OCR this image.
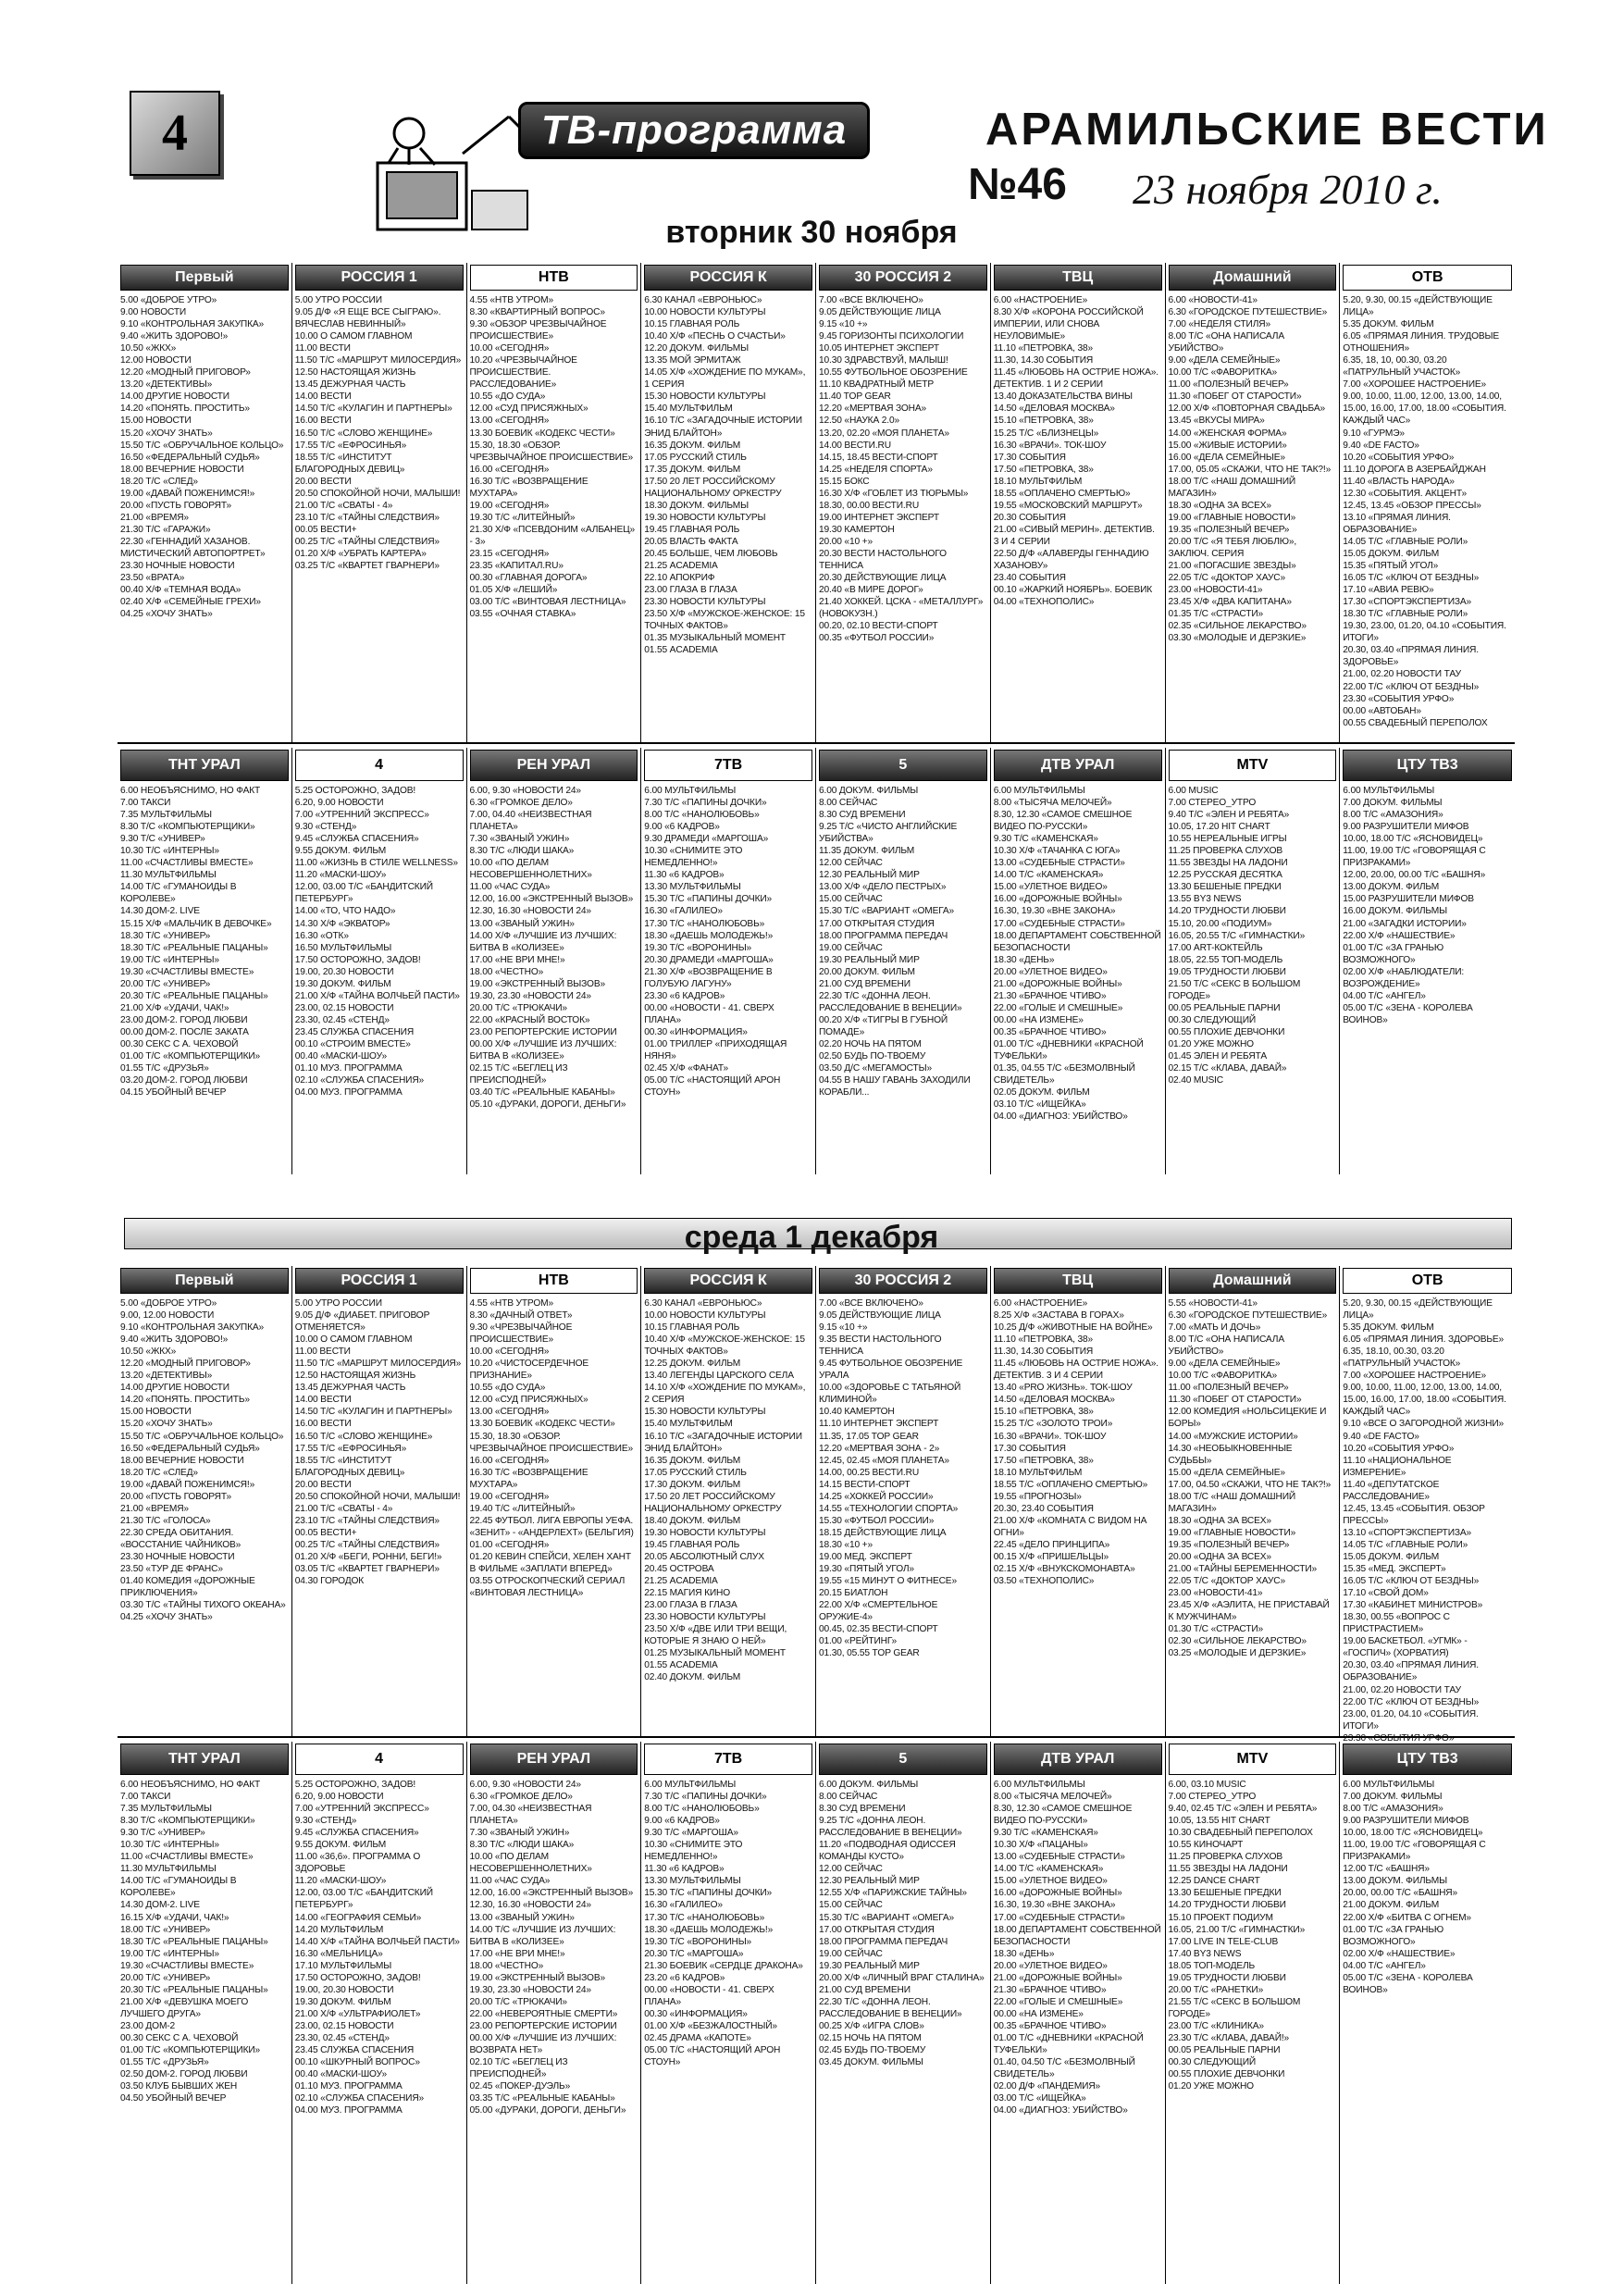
4	ТВ-программа	АРАМИЛЬСКИЕ ВЕСТИ
№46 23 ноября 2010 г.
вторник 30 ноября
Первый
5.00 «ДОБРОЕ УТРО»
9.00 НОВОСТИ
9.10 «КОНТРОЛЬНАЯ ЗАКУПКА»
9.40 «ЖИТЬ ЗДОРОВО!»
10.50 «ЖКХ»
12.00 НОВОСТИ
12.20 «МОДНЫЙ ПРИГОВОР»
13.20 «ДЕТЕКТИВЫ»
14.00 ДРУГИЕ НОВОСТИ
14.20 «ПОНЯТЬ. ПРОСТИТЬ»
15.00 НОВОСТИ
15.20 «ХОЧУ ЗНАТЬ»
15.50 Т/С «ОБРУЧАЛЬНОЕ КОЛЬЦО»
16.50 «ФЕДЕРАЛЬНЫЙ СУДЬЯ»
18.00 ВЕЧЕРНИЕ НОВОСТИ
18.20 Т/С «СЛЕД»
19.00 «ДАВАЙ ПОЖЕНИМСЯ!»
20.00 «ПУСТЬ ГОВОРЯТ»
21.00 «ВРЕМЯ»
21.30 Т/С «ГАРАЖИ»
22.30 «ГЕННАДИЙ ХАЗАНОВ. МИСТИЧЕСКИЙ АВТОПОРТРЕТ»
23.30 НОЧНЫЕ НОВОСТИ
23.50 «ВРАТА»
00.40 Х/Ф «ТЕМНАЯ ВОДА»
02.40 Х/Ф «СЕМЕЙНЫЕ ГРЕХИ»
04.25 «ХОЧУ ЗНАТЬ»
РОССИЯ 1
5.00 УТРО РОССИИ
9.05 Д/Ф «Я ЕЩЕ ВСЕ СЫГРАЮ». ВЯЧЕСЛАВ НЕВИННЫЙ»
10.00 О САМОМ ГЛАВНОМ
11.00 ВЕСТИ
11.50 Т/С «МАРШРУТ МИЛОСЕРДИЯ»
12.50 НАСТОЯЩАЯ ЖИЗНЬ
13.45 ДЕЖУРНАЯ ЧАСТЬ
14.00 ВЕСТИ
14.50 Т/С «КУЛАГИН И ПАРТНЕРЫ»
16.00 ВЕСТИ
16.50 Т/С «СЛОВО ЖЕНЩИНЕ»
17.55 Т/С «ЕФРОСИНЬЯ»
18.55 Т/С «ИНСТИТУТ БЛАГОРОДНЫХ ДЕВИЦ»
20.00 ВЕСТИ
20.50 СПОКОЙНОЙ НОЧИ, МАЛЫШИ!
21.00 Т/С «СВАТЫ - 4»
23.10 Т/С «ТАЙНЫ СЛЕДСТВИЯ»
00.05 ВЕСТИ+
00.25 Т/С «ТАЙНЫ СЛЕДСТВИЯ»
01.20 Х/Ф «УБРАТЬ КАРТЕРА»
03.25 Т/С «КВАРТЕТ ГВАРНЕРИ»
НТВ
4.55 «НТВ УТРОМ»
8.30 «КВАРТИРНЫЙ ВОПРОС»
9.30 «ОБЗОР ЧРЕЗВЫЧАЙНОЕ ПРОИСШЕСТВИЕ»
10.00 «СЕГОДНЯ»
10.20 «ЧРЕЗВЫЧАЙНОЕ ПРОИСШЕСТВИЕ. РАССЛЕДОВАНИЕ»
10.55 «ДО СУДА»
12.00 «СУД ПРИСЯЖНЫХ»
13.00 «СЕГОДНЯ»
13.30 БОЕВИК «КОДЕКС ЧЕСТИ»
15.30, 18.30 «ОБЗОР. ЧРЕЗВЫЧАЙНОЕ ПРОИСШЕСТВИЕ»
16.00 «СЕГОДНЯ»
16.30 Т/С «ВОЗВРАЩЕНИЕ МУХТАРА»
19.00 «СЕГОДНЯ»
19.30 Т/С «ЛИТЕЙНЫЙ»
21.30 Х/Ф «ПСЕВДОНИМ «АЛБАНЕЦ» - 3»
23.15 «СЕГОДНЯ»
23.35 «КАПИТАЛ.RU»
00.30 «ГЛАВНАЯ ДОРОГА»
01.05 Х/Ф «ЛЕШИЙ»
03.00 Т/С «ВИНТОВАЯ ЛЕСТНИЦА»
03.55 «ОЧНАЯ СТАВКА»
РОССИЯ К
6.30 КАНАЛ «ЕВРОНЬЮС»
10.00 НОВОСТИ КУЛЬТУРЫ
10.15 ГЛАВНАЯ РОЛЬ
10.40 Х/Ф «ПЕСНЬ О СЧАСТЬИ»
12.20 ДОКУМ. ФИЛЬМЫ
13.35 МОЙ ЭРМИТАЖ
14.05 Х/Ф «ХОЖДЕНИЕ ПО МУКАМ», 1 СЕРИЯ
15.30 НОВОСТИ КУЛЬТУРЫ
15.40 МУЛЬТФИЛЬМ
16.10 Т/С «ЗАГАДОЧНЫЕ ИСТОРИИ ЭНИД БЛАЙТОН»
16.35 ДОКУМ. ФИЛЬМ
17.05 РУССКИЙ СТИЛЬ
17.35 ДОКУМ. ФИЛЬМ
17.50 20 ЛЕТ РОССИЙСКОМУ НАЦИОНАЛЬНОМУ ОРКЕСТРУ
18.30 ДОКУМ. ФИЛЬМЫ
19.30 НОВОСТИ КУЛЬТУРЫ
19.45 ГЛАВНАЯ РОЛЬ
20.05 ВЛАСТЬ ФАКТА
20.45 БОЛЬШЕ, ЧЕМ ЛЮБОВЬ
21.25 ACADEMIA
22.10 АПОКРИФ
23.00 ГЛАЗА В ГЛАЗА
23.30 НОВОСТИ КУЛЬТУРЫ
23.50 Х/Ф «МУЖСКОЕ-ЖЕНСКОЕ: 15 ТОЧНЫХ ФАКТОВ»
01.35 МУЗЫКАЛЬНЫЙ МОМЕНТ
01.55 ACADEMIA
30 РОССИЯ 2
7.00 «ВСЕ ВКЛЮЧЕНО»
9.05 ДЕЙСТВУЮЩИЕ ЛИЦА
9.15 «10 +»
9.45 ГОРИЗОНТЫ ПСИХОЛОГИИ
10.05 ИНТЕРНЕТ ЭКСПЕРТ
10.30 ЗДРАВСТВУЙ, МАЛЫШ!
10.55 ФУТБОЛЬНОЕ ОБОЗРЕНИЕ
11.10 КВАДРАТНЫЙ МЕТР
11.40 TOP GEAR
12.20 «МЕРТВАЯ ЗОНА»
12.50 «НАУКА 2.0»
13.20, 02.20 «МОЯ ПЛАНЕТА»
14.00 ВЕСТИ.RU
14.15, 18.45 ВЕСТИ-СПОРТ
14.25 «НЕДЕЛЯ СПОРТА»
15.15 БОКС
16.30 Х/Ф «ГОБЛЕТ ИЗ ТЮРЬМЫ»
18.30, 00.00 ВЕСТИ.RU
19.00 ИНТЕРНЕТ ЭКСПЕРТ
19.30 КАМЕРТОН
20.00 «10 +»
20.30 ВЕСТИ НАСТОЛЬНОГО ТЕННИСА
20.30 ДЕЙСТВУЮЩИЕ ЛИЦА
20.40 «В МИРЕ ДОРОГ»
21.40 ХОККЕЙ. ЦСКА - «МЕТАЛЛУРГ» (НОВОКУЗН.)
00.20, 02.10 ВЕСТИ-СПОРТ
00.35 «ФУТБОЛ РОССИИ»
ТВЦ
6.00 «НАСТРОЕНИЕ»
8.30 Х/Ф «КОРОНА РОССИЙСКОЙ ИМПЕРИИ, ИЛИ СНОВА НЕУЛОВИМЫЕ»
11.10 «ПЕТРОВКА, 38»
11.30, 14.30 СОБЫТИЯ
11.45 «ЛЮБОВЬ НА ОСТРИЕ НОЖА». ДЕТЕКТИВ. 1 И 2 СЕРИИ
13.40 ДОКАЗАТЕЛЬСТВА ВИНЫ
14.50 «ДЕЛОВАЯ МОСКВА»
15.10 «ПЕТРОВКА, 38»
15.25 Т/С «БЛИЗНЕЦЫ»
16.30 «ВРАЧИ». ТОК-ШОУ
17.30 СОБЫТИЯ
17.50 «ПЕТРОВКА, 38»
18.10 МУЛЬТФИЛЬМ
18.55 «ОПЛАЧЕНО СМЕРТЬЮ»
19.55 «МОСКОВСКИЙ МАРШРУТ»
20.30 СОБЫТИЯ
21.00 «СИВЫЙ МЕРИН». ДЕТЕКТИВ. 3 И 4 СЕРИИ
22.50 Д/Ф «АЛАВЕРДЫ ГЕННАДИЮ ХАЗАНОВУ»
23.40 СОБЫТИЯ
00.10 «ЖАРКИЙ НОЯБРЬ». БОЕВИК
04.00 «ТЕХНОПОЛИС»
Домашний
6.00 «НОВОСТИ-41»
6.30 «ГОРОДСКОЕ ПУТЕШЕСТВИЕ»
7.00 «НЕДЕЛЯ СТИЛЯ»
8.00 Т/С «ОНА НАПИСАЛА УБИЙСТВО»
9.00 «ДЕЛА СЕМЕЙНЫЕ»
10.00 Т/С «ФАВОРИТКА»
11.00 «ПОЛЕЗНЫЙ ВЕЧЕР»
11.30 «ПОБЕГ ОТ СТАРОСТИ»
12.00 Х/Ф «ПОВТОРНАЯ СВАДЬБА»
13.45 «ВКУСЫ МИРА»
14.00 «ЖЕНСКАЯ ФОРМА»
15.00 «ЖИВЫЕ ИСТОРИИ»
16.00 «ДЕЛА СЕМЕЙНЫЕ»
17.00, 05.05 «СКАЖИ, ЧТО НЕ ТАК?!»
18.00 Т/С «НАШ ДОМАШНИЙ МАГАЗИН»
18.30 «ОДНА ЗА ВСЕХ»
19.00 «ГЛАВНЫЕ НОВОСТИ»
19.35 «ПОЛЕЗНЫЙ ВЕЧЕР»
20.00 Т/С «Я ТЕБЯ ЛЮБЛЮ», ЗАКЛЮЧ. СЕРИЯ
21.00 «ПОГАСШИЕ ЗВЕЗДЫ»
22.05 Т/С «ДОКТОР ХАУС»
23.00 «НОВОСТИ-41»
23.45 Х/Ф «ДВА КАПИТАНА»
01.35 Т/С «СТРАСТИ»
02.35 «СИЛЬНОЕ ЛЕКАРСТВО»
03.30 «МОЛОДЫЕ И ДЕРЗКИЕ»
ОТВ
5.20, 9.30, 00.15 «ДЕЙСТВУЮЩИЕ ЛИЦА»
5.35 ДОКУМ. ФИЛЬМ
6.05 «ПРЯМАЯ ЛИНИЯ. ТРУДОВЫЕ ОТНОШЕНИЯ»
6.35, 18, 10, 00.30, 03.20 «ПАТРУЛЬНЫЙ УЧАСТОК»
7.00 «ХОРОШЕЕ НАСТРОЕНИЕ»
9.00, 10.00, 11.00, 12.00, 13.00, 14.00, 15.00, 16.00, 17.00, 18.00 «СОБЫТИЯ. КАЖДЫЙ ЧАС»
9.10 «ГУРМЭ»
9.40 «DE FACTO»
10.20 «СОБЫТИЯ УРФО»
11.10 ДОРОГА В АЗЕРБАЙДЖАН
11.40 «ВЛАСТЬ НАРОДА»
12.30 «СОБЫТИЯ. АКЦЕНТ»
12.45, 13.45 «ОБЗОР ПРЕССЫ»
13.10 «ПРЯМАЯ ЛИНИЯ. ОБРАЗОВАНИЕ»
14.05 Т/С «ГЛАВНЫЕ РОЛИ»
15.05 ДОКУМ. ФИЛЬМ
15.35 «ПЯТЫЙ УГОЛ»
16.05 Т/С «КЛЮЧ ОТ БЕЗДНЫ»
17.10 «АВИА РЕВЮ»
17.30 «СПОРТЭКСПЕРТИЗА»
18.30 Т/С «ГЛАВНЫЕ РОЛИ»
19.30, 23.00, 01.20, 04.10 «СОБЫТИЯ. ИТОГИ»
20.30, 03.40 «ПРЯМАЯ ЛИНИЯ. ЗДОРОВЬЕ»
21.00, 02.20 НОВОСТИ ТАУ
22.00 Т/С «КЛЮЧ ОТ БЕЗДНЫ»
23.30 «СОБЫТИЯ УРФО»
00.00 «АВТОБАН»
00.55 СВАДЕБНЫЙ ПЕРЕПОЛОХ
ТНТ УРАЛ
6.00 НЕОБЪЯСНИМО, НО ФАКТ
7.00 ТАКСИ
7.35 МУЛЬТФИЛЬМЫ
8.30 Т/С «КОМПЬЮТЕРЩИКИ»
9.30 Т/С «УНИВЕР»
10.30 Т/С «ИНТЕРНЫ»
11.00 «СЧАСТЛИВЫ ВМЕСТЕ»
11.30 МУЛЬТФИЛЬМЫ
14.00 Т/С «ГУМАНОИДЫ В КОРОЛЕВЕ»
14.30 ДОМ-2. LIVE
15.15 Х/Ф «МАЛЬЧИК В ДЕВОЧКЕ»
18.30 Т/С «УНИВЕР»
18.30 Т/С «РЕАЛЬНЫЕ ПАЦАНЫ»
19.00 Т/С «ИНТЕРНЫ»
19.30 «СЧАСТЛИВЫ ВМЕСТЕ»
20.00 Т/С «УНИВЕР»
20.30 Т/С «РЕАЛЬНЫЕ ПАЦАНЫ»
21.00 Х/Ф «УДАЧИ, ЧАК!»
23.00 ДОМ-2. ГОРОД ЛЮБВИ
00.00 ДОМ-2. ПОСЛЕ ЗАКАТА
00.30 СЕКС С А. ЧЕХОВОЙ
01.00 Т/С «КОМПЬЮТЕРЩИКИ»
01.55 Т/С «ДРУЗЬЯ»
03.20 ДОМ-2. ГОРОД ЛЮБВИ
04.15 УБОЙНЫЙ ВЕЧЕР
4
5.25 ОСТОРОЖНО, ЗАДОВ!
6.20, 9.00 НОВОСТИ
7.00 «УТРЕННИЙ ЭКСПРЕСС»
9.30 «СТЕНД»
9.45 «СЛУЖБА СПАСЕНИЯ»
9.55 ДОКУМ. ФИЛЬМ
11.00 «ЖИЗНЬ В СТИЛЕ WELLNESS»
11.20 «МАСКИ-ШОУ»
12.00, 03.00 Т/С «БАНДИТСКИЙ ПЕТЕРБУРГ»
14.00 «ТО, ЧТО НАДО»
14.30 Х/Ф «ЭКВАТОР»
16.30 «ОТК»
16.50 МУЛЬТФИЛЬМЫ
17.50 ОСТОРОЖНО, ЗАДОВ!
19.00, 20.30 НОВОСТИ
19.30 ДОКУМ. ФИЛЬМ
21.00 Х/Ф «ТАЙНА ВОЛЧЬЕЙ ПАСТИ»
23.00, 02.15 НОВОСТИ
23.30, 02.45 «СТЕНД»
23.45 СЛУЖБА СПАСЕНИЯ
00.10 «СТРОИМ ВМЕСТЕ»
00.40 «МАСКИ-ШОУ»
01.10 МУЗ. ПРОГРАММА
02.10 «СЛУЖБА СПАСЕНИЯ»
04.00 МУЗ. ПРОГРАММА
РЕН УРАЛ
6.00, 9.30 «НОВОСТИ 24»
6.30 «ГРОМКОЕ ДЕЛО»
7.00, 04.40 «НЕИЗВЕСТНАЯ ПЛАНЕТА»
7.30 «ЗВАНЫЙ УЖИН»
8.30 Т/С «ЛЮДИ ШАКА»
10.00 «ПО ДЕЛАМ НЕСОВЕРШЕННОЛЕТНИХ»
11.00 «ЧАС СУДА»
12.00, 16.00 «ЭКСТРЕННЫЙ ВЫЗОВ»
12.30, 16.30 «НОВОСТИ 24»
13.00 «ЗВАНЫЙ УЖИН»
14.00 Х/Ф «ЛУЧШИЕ ИЗ ЛУЧШИХ: БИТВА В «КОЛИЗЕЕ»
17.00 «НЕ ВРИ МНЕ!»
18.00 «ЧЕСТНО»
19.00 «ЭКСТРЕННЫЙ ВЫЗОВ»
19.30, 23.30 «НОВОСТИ 24»
20.00 Т/С «ТРЮКАЧИ»
22.00 «КРАСНЫЙ ВОСТОК»
23.00 РЕПОРТЕРСКИЕ ИСТОРИИ
00.00 Х/Ф «ЛУЧШИЕ ИЗ ЛУЧШИХ: БИТВА В «КОЛИЗЕЕ»
02.15 Т/С «БЕГЛЕЦ ИЗ ПРЕИСПОДНЕЙ»
03.40 Т/С «РЕАЛЬНЫЕ КАБАНЫ»
05.10 «ДУРАКИ, ДОРОГИ, ДЕНЬГИ»
7ТВ
6.00 МУЛЬТФИЛЬМЫ
7.30 Т/С «ПАПИНЫ ДОЧКИ»
8.00 Т/С «НАНОЛЮБОВЬ»
9.00 «6 КАДРОВ»
9.30 ДРАМЕДИ «МАРГОША»
10.30 «СНИМИТЕ ЭТО НЕМЕДЛЕННО!»
11.30 «6 КАДРОВ»
13.30 МУЛЬТФИЛЬМЫ
15.30 Т/С «ПАПИНЫ ДОЧКИ»
16.30 «ГАЛИЛЕО»
17.30 Т/С «НАНОЛЮБОВЬ»
18.30 «ДАЕШЬ МОЛОДЕЖЬ!»
19.30 Т/С «ВОРОНИНЫ»
20.30 ДРАМЕДИ «МАРГОША»
21.30 Х/Ф «ВОЗВРАЩЕНИЕ В ГОЛУБУЮ ЛАГУНУ»
23.30 «6 КАДРОВ»
00.00 «НОВОСТИ - 41. СВЕРХ ПЛАНА»
00.30 «ИНФОРМАЦИЯ»
01.00 ТРИЛЛЕР «ПРИХОДЯЩАЯ НЯНЯ»
02.45 Х/Ф «ФАНАТ»
05.00 Т/С «НАСТОЯЩИЙ АРОН СТОУН»
5
6.00 ДОКУМ. ФИЛЬМЫ
8.00 СЕЙЧАС
8.30 СУД ВРЕМЕНИ
9.25 Т/С «ЧИСТО АНГЛИЙСКИЕ УБИЙСТВА»
11.35 ДОКУМ. ФИЛЬМ
12.00 СЕЙЧАС
12.30 РЕАЛЬНЫЙ МИР
13.00 Х/Ф «ДЕЛО ПЕСТРЫХ»
15.00 СЕЙЧАС
15.30 Т/С «ВАРИАНТ «ОМЕГА»
17.00 ОТКРЫТАЯ СТУДИЯ
18.00 ПРОГРАММА ПЕРЕДАЧ
19.00 СЕЙЧАС
19.30 РЕАЛЬНЫЙ МИР
20.00 ДОКУМ. ФИЛЬМ
21.00 СУД ВРЕМЕНИ
22.30 Т/С «ДОННА ЛЕОН. РАССЛЕДОВАНИЕ В ВЕНЕЦИИ»
00.20 Х/Ф «ТИГРЫ В ГУБНОЙ ПОМАДЕ»
02.20 НОЧЬ НА ПЯТОМ
02.50 БУДЬ ПО-ТВОЕМУ
03.50 Д/С «МЕГАМОСТЫ»
04.55 В НАШУ ГАВАНЬ ЗАХОДИЛИ КОРАБЛИ...
ДТВ УРАЛ
6.00 МУЛЬТФИЛЬМЫ
8.00 «ТЫСЯЧА МЕЛОЧЕЙ»
8.30, 12.30 «САМОЕ СМЕШНОЕ ВИДЕО ПО-РУССКИ»
9.30 Т/С «КАМЕНСКАЯ»
10.30 Х/Ф «ТАЧАНКА С ЮГА»
13.00 «СУДЕБНЫЕ СТРАСТИ»
14.00 Т/С «КАМЕНСКАЯ»
15.00 «УЛЕТНОЕ ВИДЕО»
16.00 «ДОРОЖНЫЕ ВОЙНЫ»
16.30, 19.30 «ВНЕ ЗАКОНА»
17.00 «СУДЕБНЫЕ СТРАСТИ»
18.00 ДЕПАРТАМЕНТ СОБСТВЕННОЙ БЕЗОПАСНОСТИ
18.30 «ДЕНЬ»
20.00 «УЛЕТНОЕ ВИДЕО»
21.00 «ДОРОЖНЫЕ ВОЙНЫ»
21.30 «БРАЧНОЕ ЧТИВО»
22.00 «ГОЛЫЕ И СМЕШНЫЕ»
00.00 «НА ИЗМЕНЕ»
00.35 «БРАЧНОЕ ЧТИВО»
01.00 Т/С «ДНЕВНИКИ «КРАСНОЙ ТУФЕЛЬКИ»
01.35, 04.55 Т/С «БЕЗМОЛВНЫЙ СВИДЕТЕЛЬ»
02.05 ДОКУМ. ФИЛЬМ
03.10 Т/С «ИЩЕЙКА»
04.00 «ДИАГНОЗ: УБИЙСТВО»
MTV
6.00 MUSIC
7.00 СТЕРЕО_УТРО
9.40 Т/С «ЭЛЕН И РЕБЯТА»
10.05, 17.20 HIT CHART
10.55 НЕРЕАЛЬНЫЕ ИГРЫ
11.25 ПРОВЕРКА СЛУХОВ
11.55 ЗВЕЗДЫ НА ЛАДОНИ
12.25 РУССКАЯ ДЕСЯТКА
13.30 БЕШЕНЫЕ ПРЕДКИ
13.55 BY3 NEWS
14.20 ТРУДНОСТИ ЛЮБВИ
15.10, 20.00 «ПОДИУМ»
16.05, 20.55 Т/С «ГИМНАСТКИ»
17.00 ART-КОКТЕЙЛЬ
18.05, 22.55 ТОП-МОДЕЛЬ
19.05 ТРУДНОСТИ ЛЮБВИ
21.50 Т/С «СЕКС В БОЛЬШОМ ГОРОДЕ»
00.05 РЕАЛЬНЫЕ ПАРНИ
00.30 СЛЕДУЮЩИЙ
00.55 ПЛОХИЕ ДЕВЧОНКИ
01.20 УЖЕ МОЖНО
01.45 ЭЛЕН И РЕБЯТА
02.15 Т/С «КЛАВА, ДАВАЙ»
02.40 MUSIC
ЦТУ ТВ3
6.00 МУЛЬТФИЛЬМЫ
7.00 ДОКУМ. ФИЛЬМЫ
8.00 Т/С «АМАЗОНИЯ»
9.00 РАЗРУШИТЕЛИ МИФОВ
10.00, 18.00 Т/С «ЯСНОВИДЕЦ»
11.00, 19.00 Т/С «ГОВОРЯЩАЯ С ПРИЗРАКАМИ»
12.00, 20.00, 00.00 Т/С «БАШНЯ»
13.00 ДОКУМ. ФИЛЬМ
15.00 РАЗРУШИТЕЛИ МИФОВ
16.00 ДОКУМ. ФИЛЬМЫ
21.00 «ЗАГАДКИ ИСТОРИИ»
22.00 Х/Ф «НАШЕСТВИЕ»
01.00 Т/С «ЗА ГРАНЬЮ ВОЗМОЖНОГО»
02.00 Х/Ф «НАБЛЮДАТЕЛИ: ВОЗРОЖДЕНИЕ»
04.00 Т/С «АНГЕЛ»
05.00 Т/С «ЗЕНА - КОРОЛЕВА ВОИНОВ»
среда 1 декабря
Первый
5.00 «ДОБРОЕ УТРО»
9.00, 12.00 НОВОСТИ
9.10 «КОНТРОЛЬНАЯ ЗАКУПКА»
9.40 «ЖИТЬ ЗДОРОВО!»
10.50 «ЖКХ»
12.20 «МОДНЫЙ ПРИГОВОР»
13.20 «ДЕТЕКТИВЫ»
14.00 ДРУГИЕ НОВОСТИ
14.20 «ПОНЯТЬ. ПРОСТИТЬ»
15.00 НОВОСТИ
15.20 «ХОЧУ ЗНАТЬ»
15.50 Т/С «ОБРУЧАЛЬНОЕ КОЛЬЦО»
16.50 «ФЕДЕРАЛЬНЫЙ СУДЬЯ»
18.00 ВЕЧЕРНИЕ НОВОСТИ
18.20 Т/С «СЛЕД»
19.00 «ДАВАЙ ПОЖЕНИМСЯ!»
20.00 «ПУСТЬ ГОВОРЯТ»
21.00 «ВРЕМЯ»
21.30 Т/С «ГОЛОСА»
22.30 СРЕДА ОБИТАНИЯ. «ВОССТАНИЕ ЧАЙНИКОВ»
23.30 НОЧНЫЕ НОВОСТИ
23.50 «ТУР ДЕ ФРАНС»
01.40 КОМЕДИЯ «ДОРОЖНЫЕ ПРИКЛЮЧЕНИЯ»
03.30 Т/С «ТАЙНЫ ТИХОГО ОКЕАНА»
04.25 «ХОЧУ ЗНАТЬ»
РОССИЯ 1
5.00 УТРО РОССИИ
9.05 Д/Ф «ДИАБЕТ. ПРИГОВОР ОТМЕНЯЕТСЯ»
10.00 О САМОМ ГЛАВНОМ
11.00 ВЕСТИ
11.50 Т/С «МАРШРУТ МИЛОСЕРДИЯ»
12.50 НАСТОЯЩАЯ ЖИЗНЬ
13.45 ДЕЖУРНАЯ ЧАСТЬ
14.00 ВЕСТИ
14.50 Т/С «КУЛАГИН И ПАРТНЕРЫ»
16.00 ВЕСТИ
16.50 Т/С «СЛОВО ЖЕНЩИНЕ»
17.55 Т/С «ЕФРОСИНЬЯ»
18.55 Т/С «ИНСТИТУТ БЛАГОРОДНЫХ ДЕВИЦ»
20.00 ВЕСТИ
20.50 СПОКОЙНОЙ НОЧИ, МАЛЫШИ!
21.00 Т/С «СВАТЫ - 4»
23.10 Т/С «ТАЙНЫ СЛЕДСТВИЯ»
00.05 ВЕСТИ+
00.25 Т/С «ТАЙНЫ СЛЕДСТВИЯ»
01.20 Х/Ф «БЕГИ, РОННИ, БЕГИ!»
03.05 Т/С «КВАРТЕТ ГВАРНЕРИ»
04.30 ГОРОДОК
НТВ
4.55 «НТВ УТРОМ»
8.30 «ДАЧНЫЙ ОТВЕТ»
9.30 «ЧРЕЗВЫЧАЙНОЕ ПРОИСШЕСТВИЕ»
10.00 «СЕГОДНЯ»
10.20 «ЧИСТОСЕРДЕЧНОЕ ПРИЗНАНИЕ»
10.55 «ДО СУДА»
12.00 «СУД ПРИСЯЖНЫХ»
13.00 «СЕГОДНЯ»
13.30 БОЕВИК «КОДЕКС ЧЕСТИ»
15.30, 18.30 «ОБЗОР. ЧРЕЗВЫЧАЙНОЕ ПРОИСШЕСТВИЕ»
16.00 «СЕГОДНЯ»
16.30 Т/С «ВОЗВРАЩЕНИЕ МУХТАРА»
19.00 «СЕГОДНЯ»
19.40 Т/С «ЛИТЕЙНЫЙ»
22.45 ФУТБОЛ. ЛИГА ЕВРОПЫ УЕФА. «ЗЕНИТ» - «АНДЕРЛЕХТ» (БЕЛЬГИЯ)
01.00 «СЕГОДНЯ»
01.20 КЕВИН СПЕЙСИ, ХЕЛЕН ХАНТ В ФИЛЬМЕ «ЗАПЛАТИ ВПЕРЕД»
03.55 ОТРОСКОПЧЕСКИЙ СЕРИАЛ «ВИНТОВАЯ ЛЕСТНИЦА»
РОССИЯ К
6.30 КАНАЛ «ЕВРОНЬЮС»
10.00 НОВОСТИ КУЛЬТУРЫ
10.15 ГЛАВНАЯ РОЛЬ
10.40 Х/Ф «МУЖСКОЕ-ЖЕНСКОЕ: 15 ТОЧНЫХ ФАКТОВ»
12.25 ДОКУМ. ФИЛЬМ
13.40 ЛЕГЕНДЫ ЦАРСКОГО СЕЛА
14.10 Х/Ф «ХОЖДЕНИЕ ПО МУКАМ», 2 СЕРИЯ
15.30 НОВОСТИ КУЛЬТУРЫ
15.40 МУЛЬТФИЛЬМ
16.10 Т/С «ЗАГАДОЧНЫЕ ИСТОРИИ ЭНИД БЛАЙТОН»
16.35 ДОКУМ. ФИЛЬМ
17.05 РУССКИЙ СТИЛЬ
17.30 ДОКУМ. ФИЛЬМ
17.50 20 ЛЕТ РОССИЙСКОМУ НАЦИОНАЛЬНОМУ ОРКЕСТРУ
18.40 ДОКУМ. ФИЛЬМ
19.30 НОВОСТИ КУЛЬТУРЫ
19.45 ГЛАВНАЯ РОЛЬ
20.05 АБСОЛЮТНЫЙ СЛУХ
20.45 ОСТРОВА
21.25 ACADEMIA
22.15 МАГИЯ КИНО
23.00 ГЛАЗА В ГЛАЗА
23.30 НОВОСТИ КУЛЬТУРЫ
23.50 Х/Ф «ДВЕ ИЛИ ТРИ ВЕЩИ, КОТОРЫЕ Я ЗНАЮ О НЕЙ»
01.25 МУЗЫКАЛЬНЫЙ МОМЕНТ
01.55 ACADEMIA
02.40 ДОКУМ. ФИЛЬМ
30 РОССИЯ 2
7.00 «ВСЕ ВКЛЮЧЕНО»
9.05 ДЕЙСТВУЮЩИЕ ЛИЦА
9.15 «10 +»
9.35 ВЕСТИ НАСТОЛЬНОГО ТЕННИСА
9.45 ФУТБОЛЬНОЕ ОБОЗРЕНИЕ УРАЛА
10.00 «ЗДОРОВЬЕ С ТАТЬЯНОЙ КЛИМИНОЙ»
10.40 КАМЕРТОН
11.10 ИНТЕРНЕТ ЭКСПЕРТ
11.35, 17.05 TOP GEAR
12.20 «МЕРТВАЯ ЗОНА - 2»
12.45, 02.45 «МОЯ ПЛАНЕТА»
14.00, 00.25 ВЕСТИ.RU
14.15 ВЕСТИ-СПОРТ
14.25 «ХОККЕЙ РОССИИ»
14.55 «ТЕХНОЛОГИИ СПОРТА»
15.30 «ФУТБОЛ РОССИИ»
18.15 ДЕЙСТВУЮЩИЕ ЛИЦА
18.30 «10 +»
19.00 МЕД. ЭКСПЕРТ
19.30 «ПЯТЫЙ УГОЛ»
19.55 «15 МИНУТ О ФИТНЕСЕ»
20.15 БИАТЛОН
22.00 Х/Ф «СМЕРТЕЛЬНОЕ ОРУЖИЕ-4»
00.45, 02.35 ВЕСТИ-СПОРТ
01.00 «РЕЙТИНГ»
01.30, 05.55 TOP GEAR
ТВЦ
6.00 «НАСТРОЕНИЕ»
8.25 Х/Ф «ЗАСТАВА В ГОРАХ»
10.25 Д/Ф «ЖИВОТНЫЕ НА ВОЙНЕ»
11.10 «ПЕТРОВКА, 38»
11.30, 14.30 СОБЫТИЯ
11.45 «ЛЮБОВЬ НА ОСТРИЕ НОЖА». ДЕТЕКТИВ. 3 И 4 СЕРИИ
13.40 «PRO ЖИЗНЬ». ТОК-ШОУ
14.50 «ДЕЛОВАЯ МОСКВА»
15.10 «ПЕТРОВКА, 38»
15.25 Т/С «ЗОЛОТО ТРОИ»
16.30 «ВРАЧИ». ТОК-ШОУ
17.30 СОБЫТИЯ
17.50 «ПЕТРОВКА, 38»
18.10 МУЛЬТФИЛЬМ
18.55 Т/С «ОПЛАЧЕНО СМЕРТЬЮ»
19.55 «ПРОГНОЗЫ»
20.30, 23.40 СОБЫТИЯ
21.00 Х/Ф «КОМНАТА С ВИДОМ НА ОГНИ»
22.45 «ДЕЛО ПРИНЦИПА»
00.15 Х/Ф «ПРИШЕЛЬЦЫ»
02.15 Х/Ф «ВНУКСКОМОНАВТА»
03.50 «ТЕХНОПОЛИС»
Домашний
5.55 «НОВОСТИ-41»
6.30 «ГОРОДСКОЕ ПУТЕШЕСТВИЕ»
7.00 «МАТЬ И ДОЧЬ»
8.00 Т/С «ОНА НАПИСАЛА УБИЙСТВО»
9.00 «ДЕЛА СЕМЕЙНЫЕ»
10.00 Т/С «ФАВОРИТКА»
11.00 «ПОЛЕЗНЫЙ ВЕЧЕР»
11.30 «ПОБЕГ ОТ СТАРОСТИ»
12.00 КОМЕДИЯ «НОЛЬСИЦЕКИЕ И БОРЫ»
14.00 «МУЖСКИЕ ИСТОРИИ»
14.30 «НЕОБЫКНОВЕННЫЕ СУДЬБЫ»
15.00 «ДЕЛА СЕМЕЙНЫЕ»
17.00, 04.50 «СКАЖИ, ЧТО НЕ ТАК?!»
18.00 Т/С «НАШ ДОМАШНИЙ МАГАЗИН»
18.30 «ОДНА ЗА ВСЕХ»
19.00 «ГЛАВНЫЕ НОВОСТИ»
19.35 «ПОЛЕЗНЫЙ ВЕЧЕР»
20.00 «ОДНА ЗА ВСЕХ»
21.00 «ТАЙНЫ БЕРЕМЕННОСТИ»
22.05 Т/С «ДОКТОР ХАУС»
23.00 «НОВОСТИ-41»
23.45 Х/Ф «АЭЛИТА, НЕ ПРИСТАВАЙ К МУЖЧИНАМ»
01.30 Т/С «СТРАСТИ»
02.30 «СИЛЬНОЕ ЛЕКАРСТВО»
03.25 «МОЛОДЫЕ И ДЕРЗКИЕ»
ОТВ
5.20, 9.30, 00.15 «ДЕЙСТВУЮЩИЕ ЛИЦА»
5.35 ДОКУМ. ФИЛЬМ
6.05 «ПРЯМАЯ ЛИНИЯ. ЗДОРОВЬЕ»
6.35, 18.10, 00.30, 03.20 «ПАТРУЛЬНЫЙ УЧАСТОК»
7.00 «ХОРОШЕЕ НАСТРОЕНИЕ»
9.00, 10.00, 11.00, 12.00, 13.00, 14.00, 15.00, 16.00, 17.00, 18.00 «СОБЫТИЯ. КАЖДЫЙ ЧАС»
9.10 «ВСЕ О ЗАГОРОДНОЙ ЖИЗНИ»
9.40 «DE FACTO»
10.20 «СОБЫТИЯ УРФО»
11.10 «НАЦИОНАЛЬНОЕ ИЗМЕРЕНИЕ»
11.40 «ДЕПУТАТСКОЕ РАССЛЕДОВАНИЕ»
12.45, 13.45 «СОБЫТИЯ. ОБЗОР ПРЕССЫ»
13.10 «СПОРТЭКСПЕРТИЗА»
14.05 Т/С «ГЛАВНЫЕ РОЛИ»
15.05 ДОКУМ. ФИЛЬМ
15.35 «МЕД. ЭКСПЕРТ»
16.05 Т/С «КЛЮЧ ОТ БЕЗДНЫ»
17.10 «СВОЙ ДОМ»
17.30 «КАБИНЕТ МИНИСТРОВ»
18.30, 00.55 «ВОПРОС С ПРИСТРАСТИЕМ»
19.00 БАСКЕТБОЛ. «УГМК» - «ГОСПИЧ» (ХОРВАТИЯ)
20.30, 03.40 «ПРЯМАЯ ЛИНИЯ. ОБРАЗОВАНИЕ»
21.00, 02.20 НОВОСТИ ТАУ
22.00 Т/С «КЛЮЧ ОТ БЕЗДНЫ»
23.00, 01.20, 04.10 «СОБЫТИЯ. ИТОГИ»
23.30 «СОБЫТИЯ УРФО»

ТНТ УРАЛ
6.00 НЕОБЪЯСНИМО, НО ФАКТ
7.00 ТАКСИ
7.35 МУЛЬТФИЛЬМЫ
8.30 Т/С «КОМПЬЮТЕРЩИКИ»
9.30 Т/С «УНИВЕР»
10.30 Т/С «ИНТЕРНЫ»
11.00 «СЧАСТЛИВЫ ВМЕСТЕ»
11.30 МУЛЬТФИЛЬМЫ
14.00 Т/С «ГУМАНОИДЫ В КОРОЛЕВЕ»
14.30 ДОМ-2. LIVE
16.15 Х/Ф «УДАЧИ, ЧАК!»
18.00 Т/С «УНИВЕР»
18.30 Т/С «РЕАЛЬНЫЕ ПАЦАНЫ»
19.00 Т/С «ИНТЕРНЫ»
19.30 «СЧАСТЛИВЫ ВМЕСТЕ»
20.00 Т/С «УНИВЕР»
20.30 Т/С «РЕАЛЬНЫЕ ПАЦАНЫ»
21.00 Х/Ф «ДЕВУШКА МОЕГО ЛУЧШЕГО ДРУГА»
23.00 ДОМ-2
00.30 СЕКС С А. ЧЕХОВОЙ
01.00 Т/С «КОМПЬЮТЕРЩИКИ»
01.55 Т/С «ДРУЗЬЯ»
02.50 ДОМ-2. ГОРОД ЛЮБВИ
03.50 КЛУБ БЫВШИХ ЖЕН
04.50 УБОЙНЫЙ ВЕЧЕР
4
5.25 ОСТОРОЖНО, ЗАДОВ!
6.20, 9.00 НОВОСТИ
7.00 «УТРЕННИЙ ЭКСПРЕСС»
9.30 «СТЕНД»
9.45 «СЛУЖБА СПАСЕНИЯ»
9.55 ДОКУМ. ФИЛЬМ
11.00 «36,6». ПРОГРАММА О ЗДОРОВЬЕ
11.20 «МАСКИ-ШОУ»
12.00, 03.00 Т/С «БАНДИТСКИЙ ПЕТЕРБУРГ»
14.00 «ГЕОГРАФИЯ СЕМЬИ»
14.20 МУЛЬТФИЛЬМ
14.40 Х/Ф «ТАЙНА ВОЛЧЬЕЙ ПАСТИ»
16.30 «МЕЛЬНИЦА»
17.10 МУЛЬТФИЛЬМЫ
17.50 ОСТОРОЖНО, ЗАДОВ!
19.00, 20.30 НОВОСТИ
19.30 ДОКУМ. ФИЛЬМ
21.00 Х/Ф «УЛЬТРАФИОЛЕТ»
23.00, 02.15 НОВОСТИ
23.30, 02.45 «СТЕНД»
23.45 СЛУЖБА СПАСЕНИЯ
00.10 «ШКУРНЫЙ ВОПРОС»
00.40 «МАСКИ-ШОУ»
01.10 МУЗ. ПРОГРАММА
02.10 «СЛУЖБА СПАСЕНИЯ»
04.00 МУЗ. ПРОГРАММА
РЕН УРАЛ
6.00, 9.30 «НОВОСТИ 24»
6.30 «ГРОМКОЕ ДЕЛО»
7.00, 04.30 «НЕИЗВЕСТНАЯ ПЛАНЕТА»
7.30 «ЗВАНЫЙ УЖИН»
8.30 Т/С «ЛЮДИ ШАКА»
10.00 «ПО ДЕЛАМ НЕСОВЕРШЕННОЛЕТНИХ»
11.00 «ЧАС СУДА»
12.00, 16.00 «ЭКСТРЕННЫЙ ВЫЗОВ»
12.30, 16.30 «НОВОСТИ 24»
13.00 «ЗВАНЫЙ УЖИН»
14.00 Т/С «ЛУЧШИЕ ИЗ ЛУЧШИХ: БИТВА В «КОЛИЗЕЕ»
17.00 «НЕ ВРИ МНЕ!»
18.00 «ЧЕСТНО»
19.00 «ЭКСТРЕННЫЙ ВЫЗОВ»
19.30, 23.30 «НОВОСТИ 24»
20.00 Т/С «ТРЮКАЧИ»
22.00 «НЕВЕРОЯТНЫЕ СМЕРТИ»
23.00 РЕПОРТЕРСКИЕ ИСТОРИИ
00.00 Х/Ф «ЛУЧШИЕ ИЗ ЛУЧШИХ: ВОЗВРАТА НЕТ»
02.10 Т/С «БЕГЛЕЦ ИЗ ПРЕИСПОДНЕЙ»
02.45 «ПОКЕР-ДУЭЛЬ»
03.35 Т/С «РЕАЛЬНЫЕ КАБАНЫ»
05.00 «ДУРАКИ, ДОРОГИ, ДЕНЬГИ»
7ТВ
6.00 МУЛЬТФИЛЬМЫ
7.30 Т/С «ПАПИНЫ ДОЧКИ»
8.00 Т/С «НАНОЛЮБОВЬ»
9.00 «6 КАДРОВ»
9.30 Т/С «МАРГОША»
10.30 «СНИМИТЕ ЭТО НЕМЕДЛЕННО!»
11.30 «6 КАДРОВ»
13.30 МУЛЬТФИЛЬМЫ
15.30 Т/С «ПАПИНЫ ДОЧКИ»
16.30 «ГАЛИЛЕО»
17.30 Т/С «НАНОЛЮБОВЬ»
18.30 «ДАЕШЬ МОЛОДЕЖЬ!»
19.30 Т/С «ВОРОНИНЫ»
20.30 Т/С «МАРГОША»
21.30 БОЕВИК «СЕРДЦЕ ДРАКОНА»
23.20 «6 КАДРОВ»
00.00 «НОВОСТИ - 41. СВЕРХ ПЛАНА»
00.30 «ИНФОРМАЦИЯ»
01.00 Х/Ф «БЕЗЖАЛОСТНЫЙ»
02.45 ДРАМА «КАПОТЕ»
05.00 Т/С «НАСТОЯЩИЙ АРОН СТОУН»
5
6.00 ДОКУМ. ФИЛЬМЫ
8.00 СЕЙЧАС
8.30 СУД ВРЕМЕНИ
9.25 Т/С «ДОННА ЛЕОН. РАССЛЕДОВАНИЕ В ВЕНЕЦИИ»
11.20 «ПОДВОДНАЯ ОДИССЕЯ КОМАНДЫ КУСТО»
12.00 СЕЙЧАС
12.30 РЕАЛЬНЫЙ МИР
12.55 Х/Ф «ПАРИЖСКИЕ ТАЙНЫ»
15.00 СЕЙЧАС
15.30 Т/С «ВАРИАНТ «ОМЕГА»
17.00 ОТКРЫТАЯ СТУДИЯ
18.00 ПРОГРАММА ПЕРЕДАЧ
19.00 СЕЙЧАС
19.30 РЕАЛЬНЫЙ МИР
20.00 Х/Ф «ЛИЧНЫЙ ВРАГ СТАЛИНА»
21.00 СУД ВРЕМЕНИ
22.30 Т/С «ДОННА ЛЕОН. РАССЛЕДОВАНИЕ В ВЕНЕЦИИ»
00.25 Х/Ф «ИГРА СЛОВ»
02.15 НОЧЬ НА ПЯТОМ
02.45 БУДЬ ПО-ТВОЕМУ
03.45 ДОКУМ. ФИЛЬМЫ
ДТВ УРАЛ
6.00 МУЛЬТФИЛЬМЫ
8.00 «ТЫСЯЧА МЕЛОЧЕЙ»
8.30, 12.30 «САМОЕ СМЕШНОЕ ВИДЕО ПО-РУССКИ»
9.30 Т/С «КАМЕНСКАЯ»
10.30 Х/Ф «ПАЦАНЫ»
13.00 «СУДЕБНЫЕ СТРАСТИ»
14.00 Т/С «КАМЕНСКАЯ»
15.00 «УЛЕТНОЕ ВИДЕО»
16.00 «ДОРОЖНЫЕ ВОЙНЫ»
16.30, 19.30 «ВНЕ ЗАКОНА»
17.00 «СУДЕБНЫЕ СТРАСТИ»
18.00 ДЕПАРТАМЕНТ СОБСТВЕННОЙ БЕЗОПАСНОСТИ
18.30 «ДЕНЬ»
20.00 «УЛЕТНОЕ ВИДЕО»
21.00 «ДОРОЖНЫЕ ВОЙНЫ»
21.30 «БРАЧНОЕ ЧТИВО»
22.00 «ГОЛЫЕ И СМЕШНЫЕ»
00.00 «НА ИЗМЕНЕ»
00.35 «БРАЧНОЕ ЧТИВО»
01.00 Т/С «ДНЕВНИКИ «КРАСНОЙ ТУФЕЛЬКИ»
01.40, 04.50 Т/С «БЕЗМОЛВНЫЙ СВИДЕТЕЛЬ»
02.00 Д/Ф «ПАНДЕМИЯ»
03.00 Т/С «ИЩЕЙКА»
04.00 «ДИАГНОЗ: УБИЙСТВО»
MTV
6.00, 03.10 MUSIC
7.00 СТЕРЕО_УТРО
9.40, 02.45 Т/С «ЭЛЕН И РЕБЯТА»
10.05, 13.55 HIT CHART
10.30 СВАДЕБНЫЙ ПЕРЕПОЛОХ
10.55 КИНОЧАРТ
11.25 ПРОВЕРКА СЛУХОВ
11.55 ЗВЕЗДЫ НА ЛАДОНИ
12.25 DANCE CHART
13.30 БЕШЕНЫЕ ПРЕДКИ
14.20 ТРУДНОСТИ ЛЮБВИ
15.10 ПРОЕКТ ПОДИУМ
16.05, 21.00 Т/С «ГИМНАСТКИ»
17.00 LIVE IN TELE-CLUB
17.40 BY3 NEWS
18.05 ТОП-МОДЕЛЬ
19.05 ТРУДНОСТИ ЛЮБВИ
20.00 Т/С «РАНЕТКИ»
21.55 Т/С «СЕКС В БОЛЬШОМ ГОРОДЕ»
23.00 Т/С «КЛИНИКА»
23.30 Т/С «КЛАВА, ДАВАЙ!»
00.05 РЕАЛЬНЫЕ ПАРНИ
00.30 СЛЕДУЮЩИЙ
00.55 ПЛОХИЕ ДЕВЧОНКИ
01.20 УЖЕ МОЖНО
ЦТУ ТВ3
6.00 МУЛЬТФИЛЬМЫ
7.00 ДОКУМ. ФИЛЬМЫ
8.00 Т/С «АМАЗОНИЯ»
9.00 РАЗРУШИТЕЛИ МИФОВ
10.00, 18.00 Т/С «ЯСНОВИДЕЦ»
11.00, 19.00 Т/С «ГОВОРЯЩАЯ С ПРИЗРАКАМИ»
12.00 Т/С «БАШНЯ»
13.00 ДОКУМ. ФИЛЬМЫ
20.00, 00.00 Т/С «БАШНЯ»
21.00 ДОКУМ. ФИЛЬМ
22.00 Х/Ф «БИТВА С ОГНЕМ»
01.00 Т/С «ЗА ГРАНЬЮ ВОЗМОЖНОГО»
02.00 Х/Ф «НАШЕСТВИЕ»
04.00 Т/С «АНГЕЛ»
05.00 Т/С «ЗЕНА - КОРОЛЕВА ВОИНОВ»
